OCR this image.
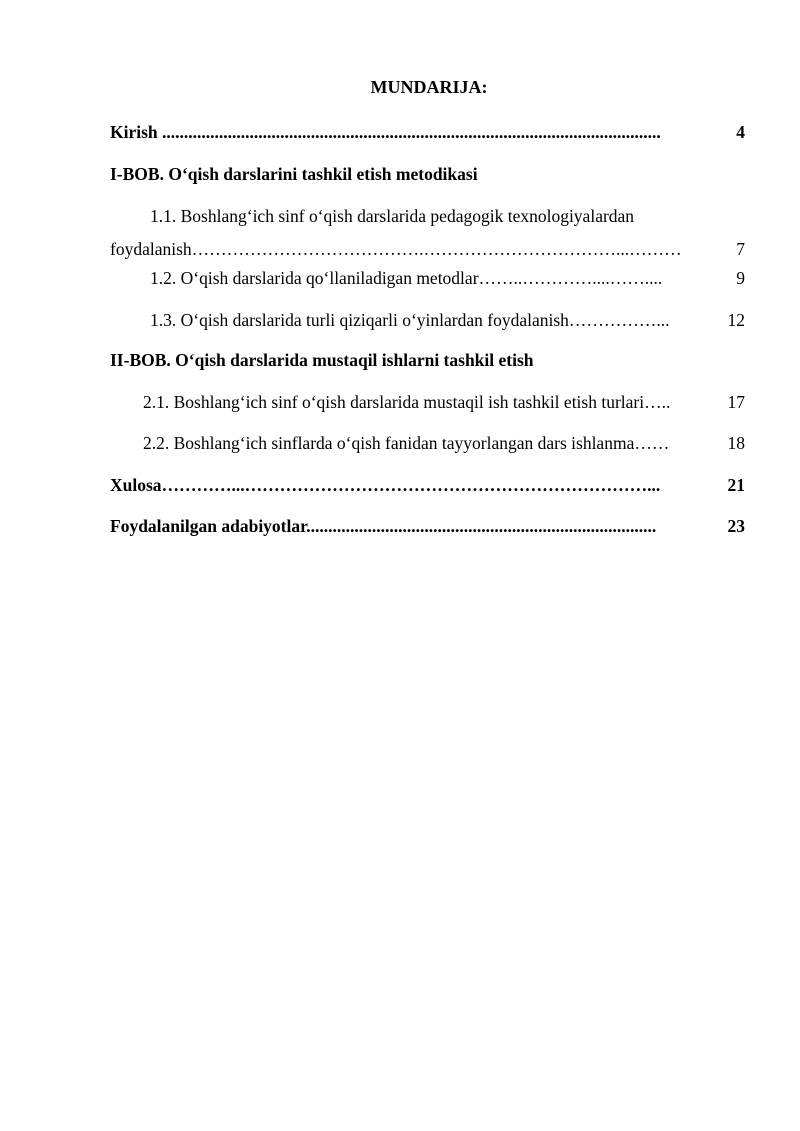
MUNDARIJA:
Kirish ..................................................................................................................	4
I-BOB. O‘qish darslarini tashkil etish metodikasi
1.1. Boshlang‘ich sinf o‘qish darslarida pedagogik texnologiyalardan
foydalanish………………………………….……………………………...………	7
1.2. O‘qish darslarida qo‘llaniladigan metodlar……..…………....……....	9
1.3. O‘qish darslarida turli qiziqarli o‘yinlardan foydalanish……………...	12
II-BOB. O‘qish darslarida mustaqil ishlarni tashkil etish
2.1. Boshlang‘ich sinf o‘qish darslarida mustaqil ish tashkil etish turlari…..	17
2.2. Boshlang‘ich sinflarda o‘qish fanidan tayyorlangan dars ishlanma……	18
Xulosa…………...……………………………………………………………...	21
Foydalanilgan adabiyotlar................................................................................	23
